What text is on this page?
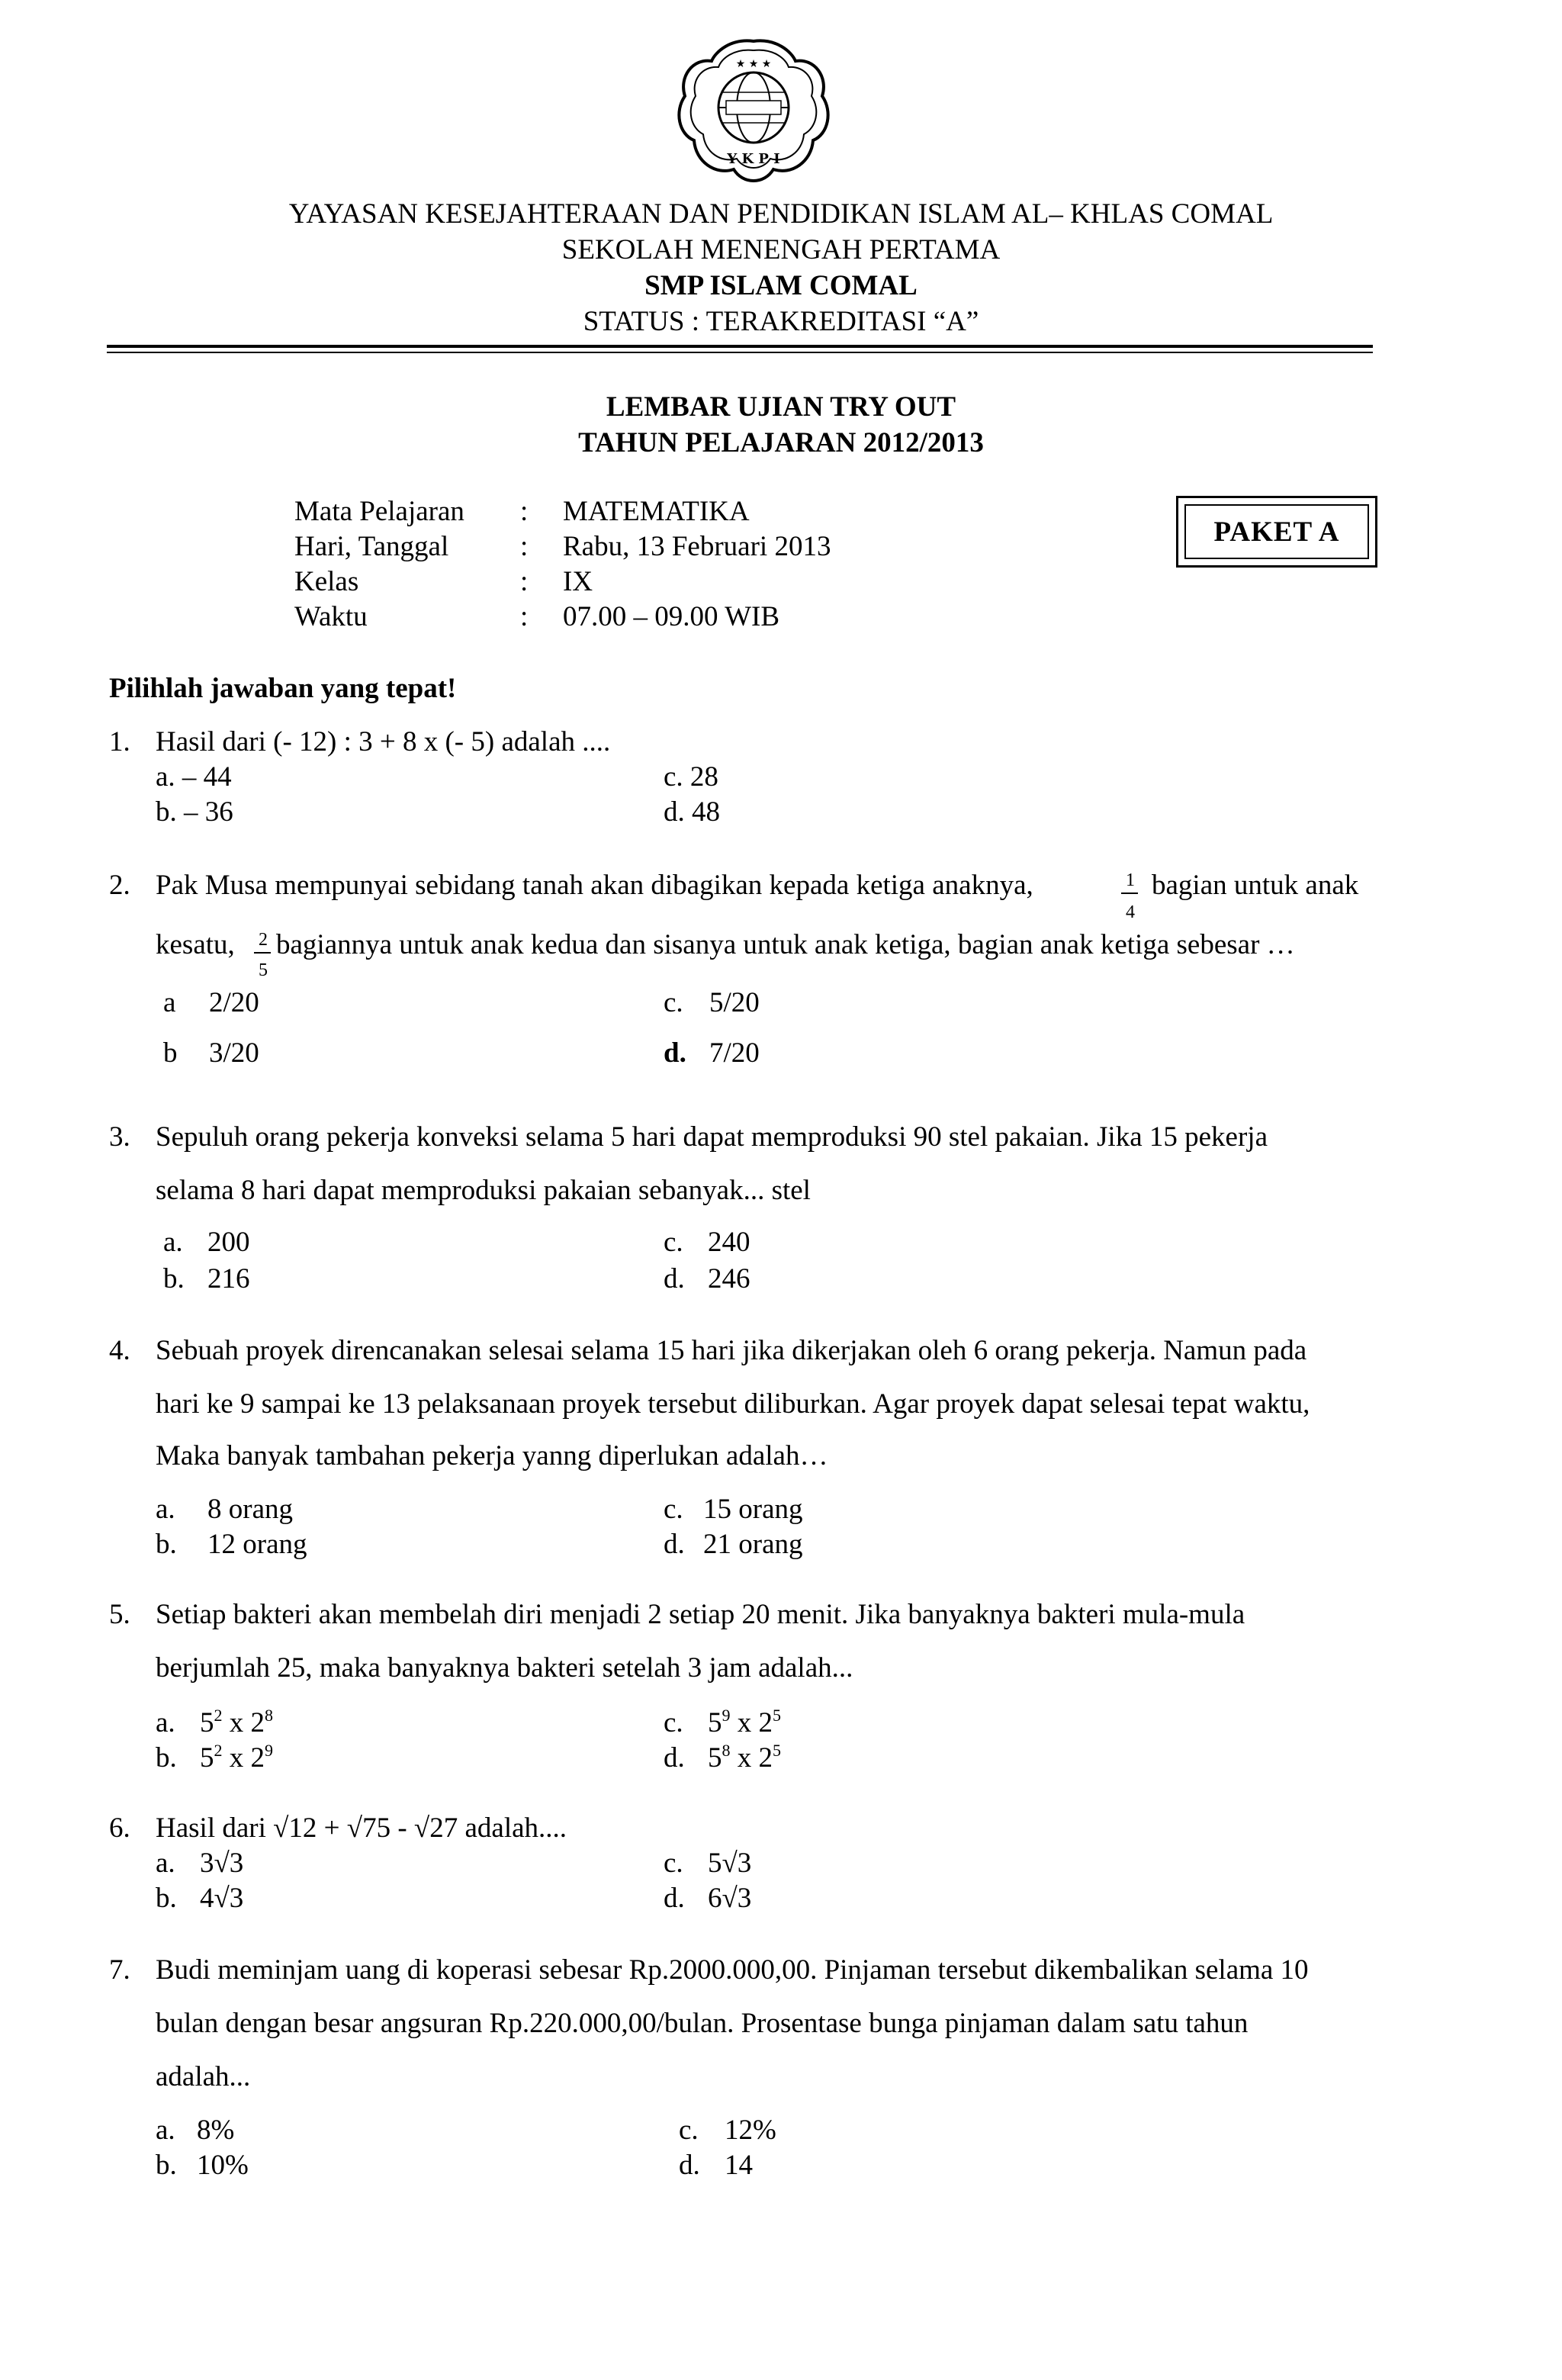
★ ★ ★
Y K P I
YAYASAN KESEJAHTERAAN DAN PENDIDIKAN ISLAM AL– KHLAS COMAL
SEKOLAH MENENGAH PERTAMA
SMP ISLAM COMAL
STATUS : TERAKREDITASI “A”
LEMBAR UJIAN TRY OUT
TAHUN PELAJARAN 2012/2013
Mata Pelajaran : MATEMATIKA
Hari, Tanggal	: Rabu, 13 Februari 2013
Kelas	: IX
Waktu	: 07.00 – 09.00 WIB
PAKET A
Pilihlah jawaban yang tepat!
1. Hasil dari (- 12) : 3 + 8 x (- 5) adalah ....
a. – 44
b. – 36
c. 28
d. 48
2. Pak Musa mempunyai sebidang tanah akan dibagikan kepada ketiga anaknya,	1
4
bagian untuk anak
kesatu,	2
5
bagiannya untuk anak kedua dan sisanya untuk anak ketiga, bagian anak ketiga sebesar …
a 2/20
b 3/20
c. 5/20
d. 7/20
3. Sepuluh orang pekerja konveksi selama 5 hari dapat memproduksi 90 stel pakaian. Jika 15 pekerja
selama 8 hari dapat memproduksi pakaian sebanyak... stel
a. 200
b. 216
c. 240
d. 246
4. Sebuah proyek direncanakan selesai selama 15 hari jika dikerjakan oleh 6 orang pekerja. Namun pada
hari ke 9 sampai ke 13 pelaksanaan proyek tersebut diliburkan. Agar proyek dapat selesai tepat waktu,
Maka banyak tambahan pekerja yanng diperlukan adalah…
a. 8 orang
b. 12 orang
c. 15 orang
d. 21 orang
5. Setiap bakteri akan membelah diri menjadi 2 setiap 20 menit. Jika banyaknya bakteri mula-mula
berjumlah 25, maka banyaknya bakteri setelah 3 jam adalah...
a. $5^2$ x $2^8$
b. $5^2$ x $2^9$
c. $5^9$ x $2^5$
d. $5^8$ x $2^5$
6. Hasil dari √12 + √75 - √27 adalah....
a. 3√3
b. 4√3
c. 5√3
d. 6√3
7. Budi meminjam uang di koperasi sebesar Rp.2000.000,00. Pinjaman tersebut dikembalikan selama 10
bulan dengan besar angsuran Rp.220.000,00/bulan. Prosentase bunga pinjaman dalam satu tahun
adalah...
a. 8%
b. 10%
c. 12%
d. 14
